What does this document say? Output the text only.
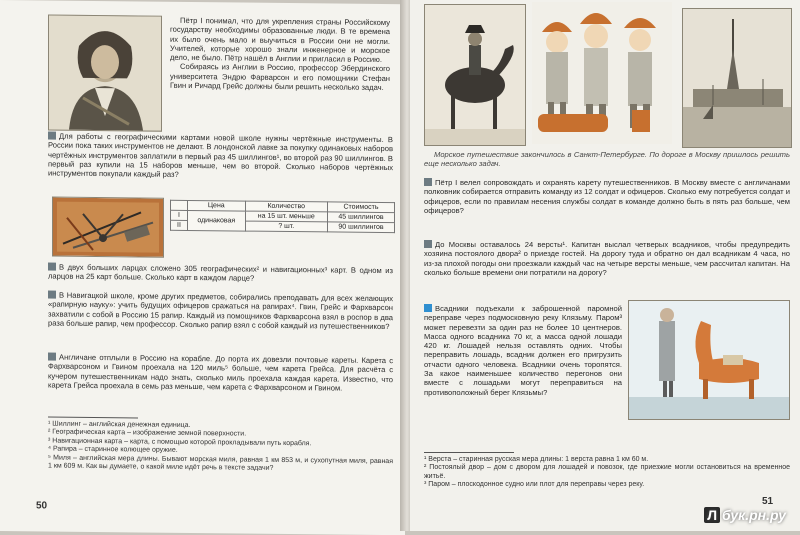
Пётр I понимал, что для укрепления страны Российскому государству необходимы образованные люди. В те времена их было очень мало и выучиться в России они не могли. Учителей, которые хорошо знали инженерное и морское дело, не было. Пётр нашёл в Англии и пригласил в Россию.

Собираясь из Англии в Россию, профессор Эбердинского университета Эндрю Фарварсон и его помощники Стефан Гвин и Ричард Грейс должны были решить несколько задач.

Для работы с географическими картами новой школе нужны чертёжные инструменты. В России пока таких инструментов не делают. В лондонской лавке за покупку одинаковых наборов чертёжных инструментов заплатили в первый раз 45 шиллингов¹, во второй раз 90 шиллингов. В первый раз купили на 15 наборов меньше, чем во второй. Сколько наборов чертёжных инструментов покупали каждый раз?

	Цена	Количество	Стоимость
I	одинаковая	на 15 шт. меньше	45 шиллингов
II		? шт.	90 шиллингов

В двух больших ларцах сложено 305 географических² и навигационных³ карт. В одном из ларцов на 25 карт больше. Сколько карт в каждом ларце?

В Навигацкой школе, кроме других предметов, собирались преподавать для всех желающих «рапирную науку»: учить будущих офицеров сражаться на рапирах⁴. Гвин, Грейс и Фархварсон захватили с собой в Россию 15 рапир. Каждый из помощников Фархварсона взял в роспор в два раза больше рапир, чем профессор. Сколько рапир взял с собой каждый из путешественников?

Англичане отплыли в Россию на корабле. До порта их довезли почтовые кареты. Карета с Фархварсоном и Гвином проехала на 120 миль⁵ больше, чем карета Грейса. Для расчёта с кучером путешественникам надо знать, сколько миль проехала каждая карета. Известно, что карета Грейса проехала в семь раз меньше, чем карета с Фархварсоном и Гвином.

¹ Шиллинг – английская денежная единица.
² Географическая карта – изображение земной поверхности.
³ Навигационная карта – карта, с помощью которой прокладывали путь корабля.
⁴ Рапира – старинное колющее оружие.
⁵ Миля – английская мера длины. Бывают морская миля, равная 1 км 853 м, и сухопутная миля, равная 1 км 609 м. Как вы думаете, о какой миле идёт речь в тексте задачи?
50

Морское путешествие закончилось в Санкт-Петербурге. По дороге в Москву пришлось решить еще несколько задач.

Пётр I велел сопровождать и охранять карету путешественников. В Москву вместе с англичанами полковник собирается отправить команду из 12 солдат и офицеров. Сколько ему потребуется солдат и офицеров, если по правилам несения службы солдат в команде должно быть в пять раз больше, чем офицеров?

До Москвы оставалось 24 версты¹. Капитан выслал четверых всадников, чтобы предупредить хозяина постоялого двора² о приезде гостей. На дорогу туда и обратно он дал всадникам 4 часа, но из-за плохой погоды они проезжали каждый час на четыре версты меньше, чем рассчитал капитан. На сколько больше времени они потратили на дорогу?

Всадники подъехали к заброшенной паромной переправе через подмосковную реку Клязьму. Паром³ может перевезти за один раз не более 10 центнеров. Масса одного всадника 70 кг, а масса одной лошади 420 кг. Лошадей нельзя оставлять одних. Чтобы переправить лошадь, всадник должен его пригрузить отчасти одного человека. Всадники очень торопятся. За какое наименьшее количество перегонов они вместе с лошадьми могут переправиться на противоположный берег Клязьмы?

¹ Верста – старинная русская мера длины: 1 верста равна 1 км 60 м.
² Постоялый двор – дом с двором для лошадей и повозок, где приезжие могли остановиться на временное житьё.
³ Паром – плоскодонное судно или плот для переправы через реку.
51
Л бук.рн.ру
